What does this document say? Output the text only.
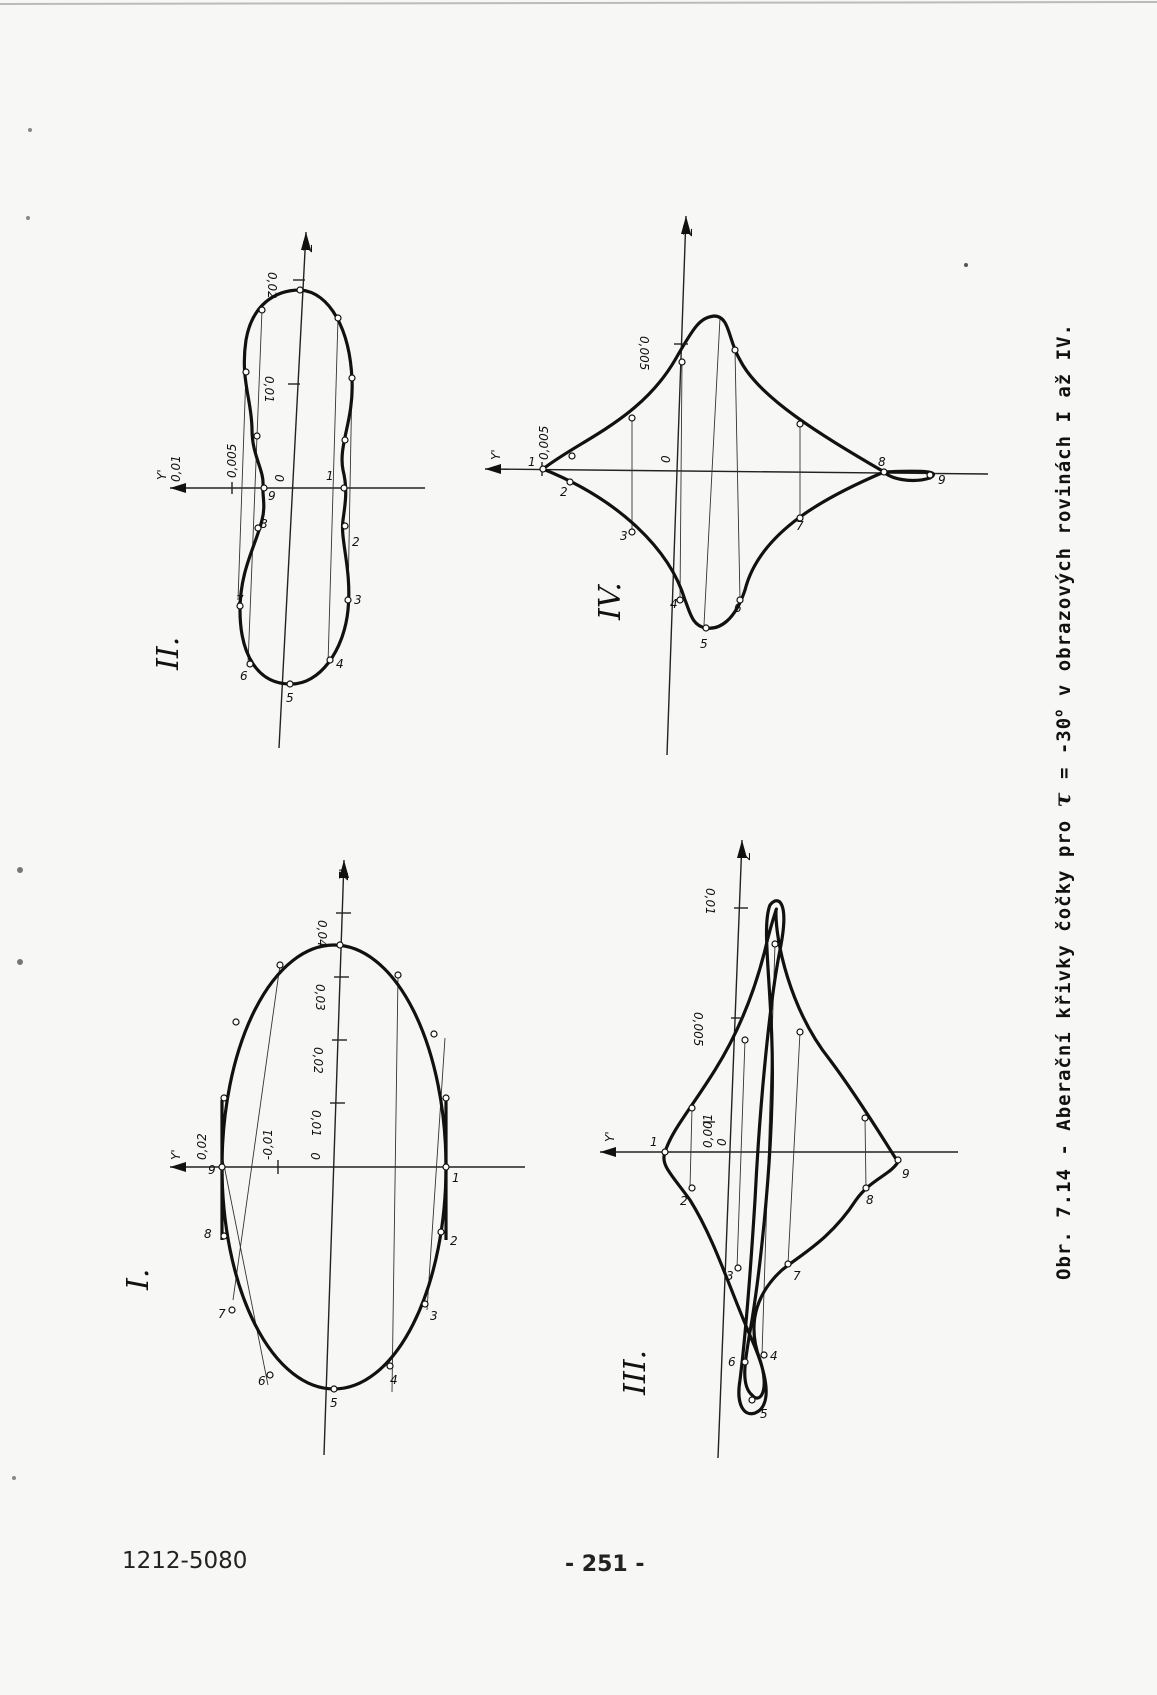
I.
Y'
Z'
0
0,02	-0,01
0,01
0,02
0,03
0,04
1
2
3
4
5
6
7
8
9
II.
Y'
Z'
0
0,01	0,005
0,01
0,02
1
2
3
4
5
6
7
8
9
III.
Y'
Z'
0
0,001
0,005
0,01
1
2
3
4
5
6
7
8
9
IV.
Y'
Z'
0
0,005
0,005
1
2
3
4
5
6
7
8
9
Obr. 7.14 - Aberační křivky čočky pro $\tau = -30^o$ v obrazových rovinách I až IV.
1212-5080	- 251 -
